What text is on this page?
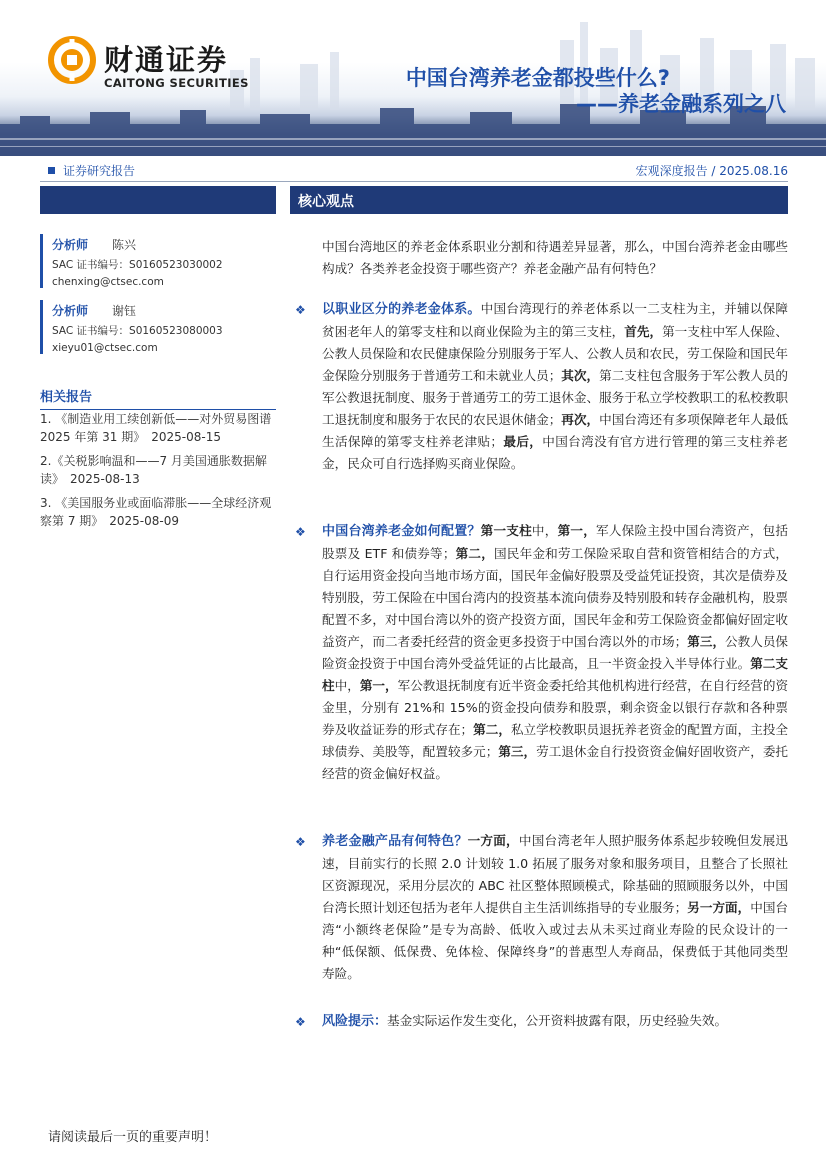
财通证券
CAITONG SECURITIES	中国台湾养老金都投些什么?
——养老金融系列之八
证券研究报告	宏观深度报告 / 2025.08.16
分析师 陈兴
SAC 证书编号：S0160523030002
chenxing@ctsec.com
分析师 谢钰
SAC 证书编号：S0160523080003
xieyu01@ctsec.com
相关报告
1. 《制造业用工续创新低——对外贸易图谱 2025 年第 31 期》　2025-08-15
2.《关税影响温和——7 月美国通胀数据解读》　2025-08-13
3. 《美国服务业或面临滞胀——全球经济观察第 7 期》　2025-08-09
核心观点
中国台湾地区的养老金体系职业分割和待遇差异显著，那么，中国台湾养老金由哪些构成？各类养老金投资于哪些资产？养老金融产品有何特色？
❖ 以职业区分的养老金体系。中国台湾现行的养老体系以一二支柱为主，并辅以保障贫困老年人的第零支柱和以商业保险为主的第三支柱，首先，第一支柱中军人保险、公教人员保险和农民健康保险分别服务于军人、公教人员和农民，劳工保险和国民年金保险分别服务于普通劳工和未就业人员；其次，第二支柱包含服务于军公教人员的军公教退抚制度、服务于普通劳工的劳工退休金、服务于私立学校教职工的私校教职工退抚制度和服务于农民的农民退休储金；再次，中国台湾还有多项保障老年人最低生活保障的第零支柱养老津贴；最后，中国台湾没有官方进行管理的第三支柱养老金，民众可自行选择购买商业保险。
❖ 中国台湾养老金如何配置？第一支柱中，第一，军人保险主投中国台湾资产，包括股票及 ETF 和债券等；第二，国民年金和劳工保险采取自营和资管相结合的方式，自行运用资金投向当地市场方面，国民年金偏好股票及受益凭证投资，其次是债券及特别股，劳工保险在中国台湾内的投资基本流向债券及特别股和转存金融机构，股票配置不多，对中国台湾以外的资产投资方面，国民年金和劳工保险资金都偏好固定收益资产，而二者委托经营的资金更多投资于中国台湾以外的市场；第三，公教人员保险资金投资于中国台湾外受益凭证的占比最高，且一半资金投入半导体行业。第二支柱中，第一，军公教退抚制度有近半资金委托给其他机构进行经营，在自行经营的资金里，分别有 21%和 15%的资金投向债券和股票，剩余资金以银行存款和各种票券及收益证券的形式存在；第二，私立学校教职员退抚养老资金的配置方面，主投全球债券、美股等，配置较多元；第三，劳工退休金自行投资资金偏好固收资产，委托经营的资金偏好权益。
❖ 养老金融产品有何特色？一方面，中国台湾老年人照护服务体系起步较晚但发展迅速，目前实行的长照 2.0 计划较 1.0 拓展了服务对象和服务项目，且整合了长照社区资源现况，采用分层次的 ABC 社区整体照顾模式，除基础的照顾服务以外，中国台湾长照计划还包括为老年人提供自主生活训练指导的专业服务；另一方面，中国台湾“小额终老保险”是专为高龄、低收入或过去从未买过商业寿险的民众设计的一种“低保额、低保费、免体检、保障终身”的普惠型人寿商品，保费低于其他同类型寿险。
❖ 风险提示：基金实际运作发生变化，公开资料披露有限，历史经验失效。
请阅读最后一页的重要声明！
